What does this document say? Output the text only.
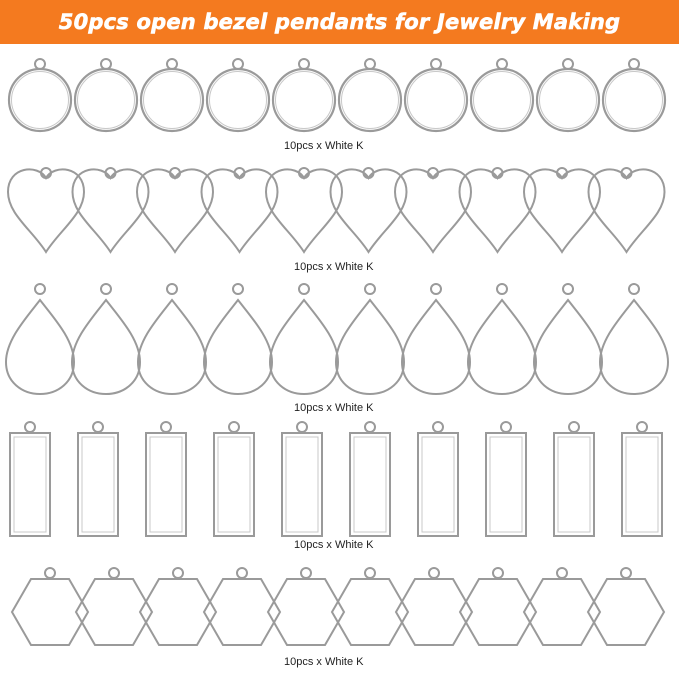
50pcs open bezel pendants for Jewelry Making
10pcs x White K
10pcs x White K
10pcs x White K
10pcs x White K
10pcs x White K
